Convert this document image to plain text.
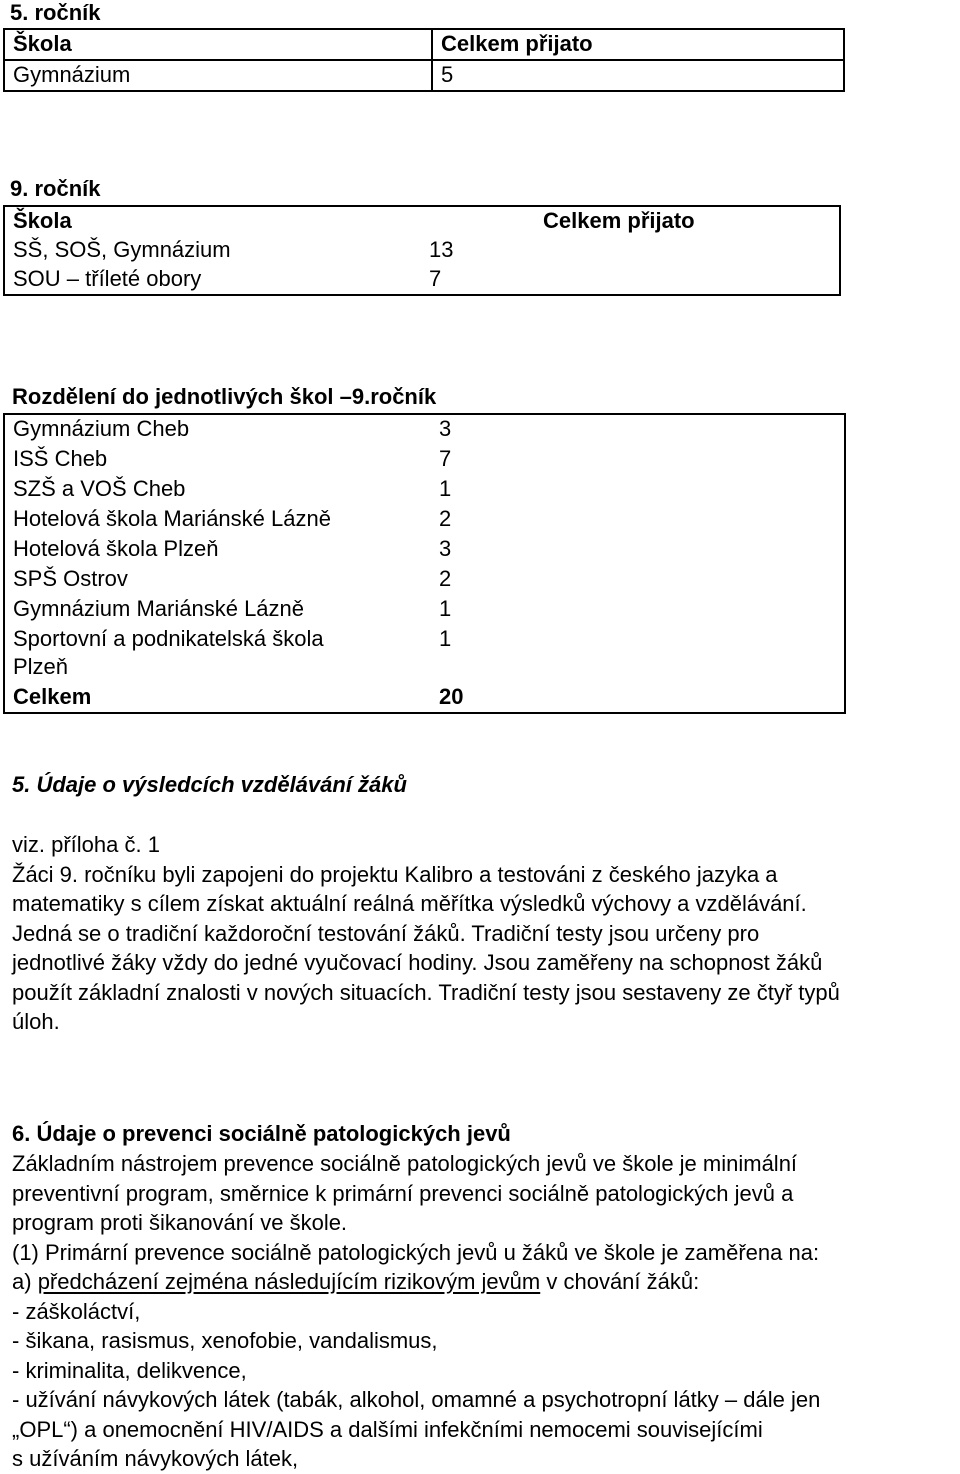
5. ročník
Škola	Celkem přijato
Gymnázium	5
9. ročník
Škola Celkem přijato	

SŠ, SOŠ, Gymnázium	13
SOU – tříleté obory	7
Rozdělení do jednotlivých škol –9.ročník
Gymnázium Cheb	3
ISŠ Cheb	7
SZŠ a VOŠ Cheb	1
Hotelová škola Mariánské Lázně	2
Hotelová škola Plzeň	3
SPŠ Ostrov	2
Gymnázium Mariánské Lázně	1

Sportovní a podnikatelská škola
Plzeň	1
Celkem	20
5. Údaje o výsledcích vzdělávání žáků

viz. příloha č. 1

Žáci 9. ročníku byli zapojeni do projektu Kalibro a testováni z českého jazyka a

matematiky s cílem získat aktuální reálná měřítka výsledků výchovy a vzdělávání.

Jedná se o tradiční každoroční testování žáků. Tradiční testy jsou určeny pro

jednotlivé žáky vždy do jedné vyučovací hodiny. Jsou zaměřeny na schopnost žáků

použít základní znalosti v nových situacích. Tradiční testy jsou sestaveny ze čtyř typů

úloh.

6. Údaje o prevenci sociálně patologických jevů

Základním nástrojem prevence sociálně patologických jevů ve škole je minimální

preventivní program, směrnice k primární prevenci sociálně patologických jevů a

program proti šikanování ve škole.

(1) Primární prevence sociálně patologických jevů u žáků ve škole je zaměřena na:

a) předcházení zejména následujícím rizikovým jevům v chování žáků:

- záškoláctví,

- šikana, rasismus, xenofobie, vandalismus,

- kriminalita, delikvence,

- užívání návykových látek (tabák, alkohol, omamné a psychotropní látky – dále jen

„OPL“) a onemocnění HIV/AIDS a dalšími infekčními nemocemi souvisejícími

s užíváním návykových látek,
